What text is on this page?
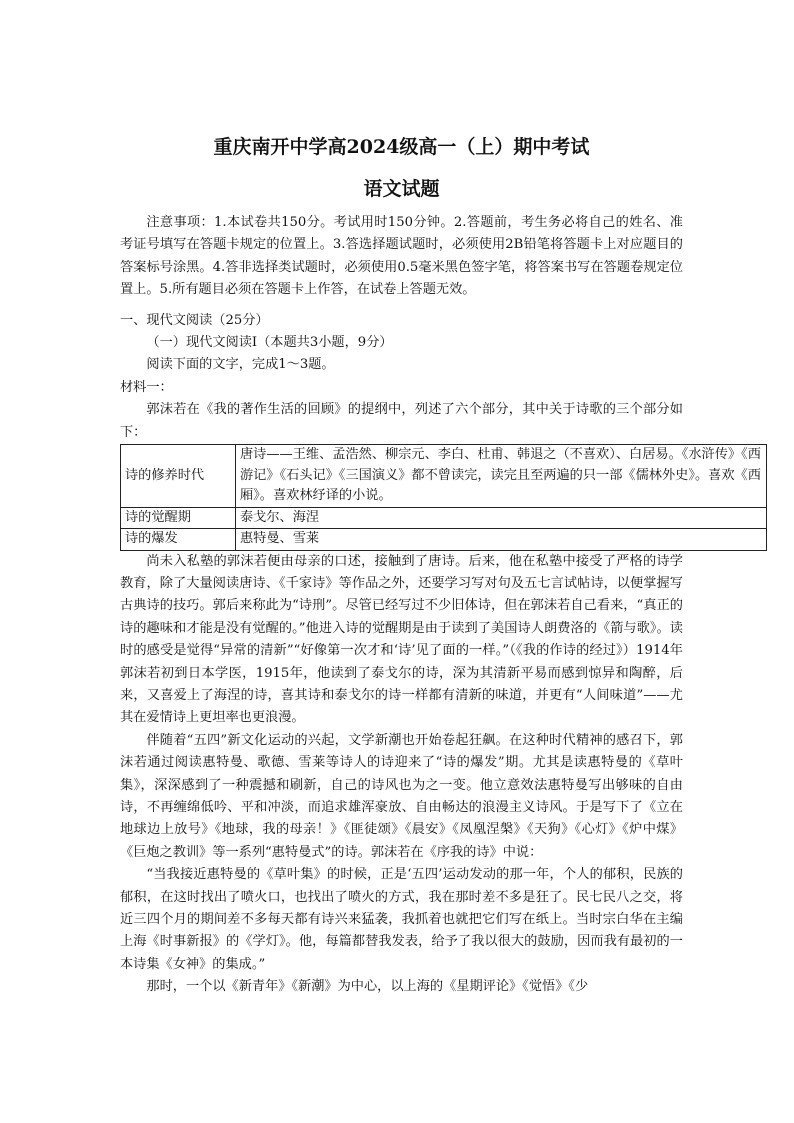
重庆南开中学高2024级高一（上）期中考试
语文试题

注意事项：1.本试卷共150分。考试用时150分钟。2.答题前，考生务必将自己的姓名、准考证号填写在答题卡规定的位置上。3.答选择题试题时，必须使用2B铅笔将答题卡上对应题目的答案标号涂黑。4.答非选择类试题时，必须使用0.5毫米黑色签字笔，将答案书写在答题卷规定位置上。5.所有题目必须在答题卡上作答，在试卷上答题无效。

一、现代文阅读（25分）

（一）现代文阅读Ⅰ（本题共3小题，9分）

阅读下面的文字，完成1～3题。

材料一：

郭沫若在《我的著作生活的回顾》的提纲中，列述了六个部分，其中关于诗歌的三个部分如下：

诗的修养时代	唐诗——王维、孟浩然、柳宗元、李白、杜甫、韩退之（不喜欢）、白居易。《水浒传》《西游记》《石头记》《三国演义》都不曾读完，读完且至两遍的只一部《儒林外史》。喜欢《西厢》。喜欢林纾译的小说。
诗的觉醒期	泰戈尔、海涅
诗的爆发	惠特曼、雪莱

尚未入私塾的郭沫若便由母亲的口述，接触到了唐诗。后来，他在私塾中接受了严格的诗学教育，除了大量阅读唐诗、《千家诗》等作品之外，还要学习写对句及五七言试帖诗，以便掌握写古典诗的技巧。郭后来称此为“诗刑”。尽管已经写过不少旧体诗，但在郭沫若自己看来，“真正的诗的趣味和才能是没有觉醒的。”他进入诗的觉醒期是由于读到了美国诗人朗费洛的《箭与歌》。读时的感受是觉得“异常的清新”“好像第一次才和‘诗’见了面的一样。”（《我的作诗的经过》）1914年郭沫若初到日本学医，1915年，他读到了泰戈尔的诗，深为其清新平易而感到惊异和陶醉，后来，又喜爱上了海涅的诗，喜其诗和泰戈尔的诗一样都有清新的味道，并更有“人间味道”——尤其在爱情诗上更坦率也更浪漫。

伴随着“五四”新文化运动的兴起，文学新潮也开始卷起狂飙。在这种时代精神的感召下，郭沫若通过阅读惠特曼、歌德、雪莱等诗人的诗迎来了“诗的爆发”期。尤其是读惠特曼的《草叶集》，深深感到了一种震撼和刷新，自己的诗风也为之一变。他立意效法惠特曼写出够味的自由诗，不再缠绵低吟、平和冲淡，而追求雄浑豪放、自由畅达的浪漫主义诗风。于是写下了《立在地球边上放号》《地球，我的母亲！》《匪徒颂》《晨安》《凤凰涅槃》《天狗》《心灯》《炉中煤》《巨炮之教训》等一系列“惠特曼式”的诗。郭沫若在《序我的诗》中说：

“当我接近惠特曼的《草叶集》的时候，正是‘五四’运动发动的那一年，个人的郁积，民族的郁积，在这时找出了喷火口，也找出了喷火的方式，我在那时差不多是狂了。民七民八之交，将近三四个月的期间差不多每天都有诗兴来猛袭，我抓着也就把它们写在纸上。当时宗白华在主编上海《时事新报》的《学灯》。他，每篇都替我发表，给予了我以很大的鼓励，因而我有最初的一本诗集《女神》的集成。”

那时，一个以《新青年》《新潮》为中心，以上海的《星期评论》《觉悟》《少
